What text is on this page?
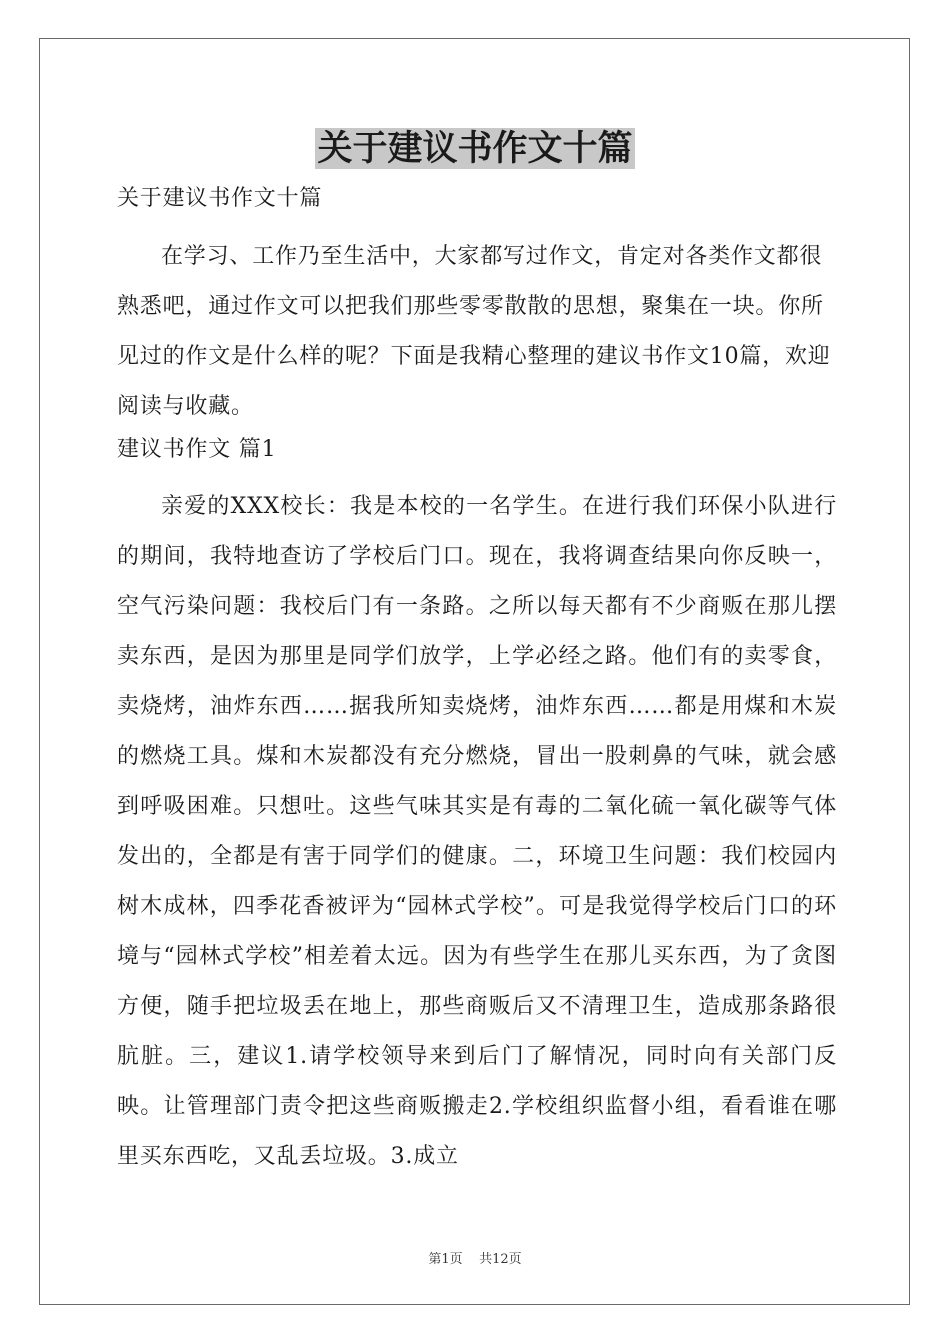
关于建议书作文十篇
关于建议书作文十篇

在学习、工作乃至生活中，大家都写过作文，肯定对各类作文都很熟悉吧，通过作文可以把我们那些零零散散的思想，聚集在一块。你所见过的作文是什么样的呢？下面是我精心整理的建议书作文10篇，欢迎阅读与收藏。

建议书作文 篇1

亲爱的XXX校长：我是本校的一名学生。在进行我们环保小队进行的期间，我特地查访了学校后门口。现在，我将调查结果向你反映一，空气污染问题：我校后门有一条路。之所以每天都有不少商贩在那儿摆卖东西，是因为那里是同学们放学，上学必经之路。他们有的卖零食，卖烧烤，油炸东西……据我所知卖烧烤，油炸东西……都是用煤和木炭的燃烧工具。煤和木炭都没有充分燃烧，冒出一股刺鼻的气味，就会感到呼吸困难。只想吐。这些气味其实是有毒的二氧化硫一氧化碳等气体发出的，全都是有害于同学们的健康。二，环境卫生问题：我们校园内树木成林，四季花香被评为“园林式学校”。可是我觉得学校后门口的环境与“园林式学校”相差着太远。因为有些学生在那儿买东西，为了贪图方便，随手把垃圾丢在地上，那些商贩后又不清理卫生，造成那条路很肮脏。三，建议1.请学校领导来到后门了解情况，同时向有关部门反映。让管理部门责令把这些商贩搬走2.学校组织监督小组，看看谁在哪里买东西吃，又乱丢垃圾。3.成立

第1页    共12页
